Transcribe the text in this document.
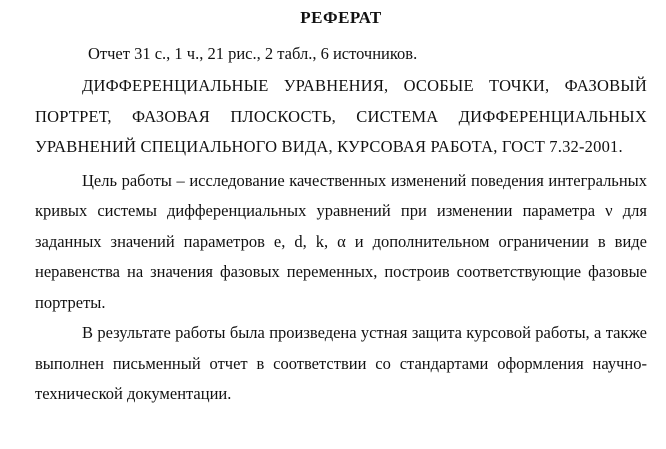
РЕФЕРАТ

Отчет 31 с., 1 ч., 21 рис., 2 табл., 6 источников.

ДИФФЕРЕНЦИАЛЬНЫЕ УРАВНЕНИЯ, ОСОБЫЕ ТОЧКИ, ФАЗОВЫЙ ПОРТРЕТ, ФАЗОВАЯ ПЛОСКОСТЬ, СИСТЕМА ДИФФЕРЕНЦИАЛЬНЫХ УРАВНЕНИЙ СПЕЦИАЛЬНОГО ВИДА, КУРСОВАЯ РАБОТА, ГОСТ 7.32-2001.

Цель работы – исследование качественных изменений поведения интегральных кривых системы дифференциальных уравнений при изменении параметра ν для заданных значений параметров e, d, k, α и дополнительном ограничении в виде неравенства на значения фазовых переменных, построив соответствующие фазовые портреты.

В результате работы была произведена устная защита курсовой работы, а также выполнен письменный отчет в соответствии со стандартами оформления научно-технической документации.
